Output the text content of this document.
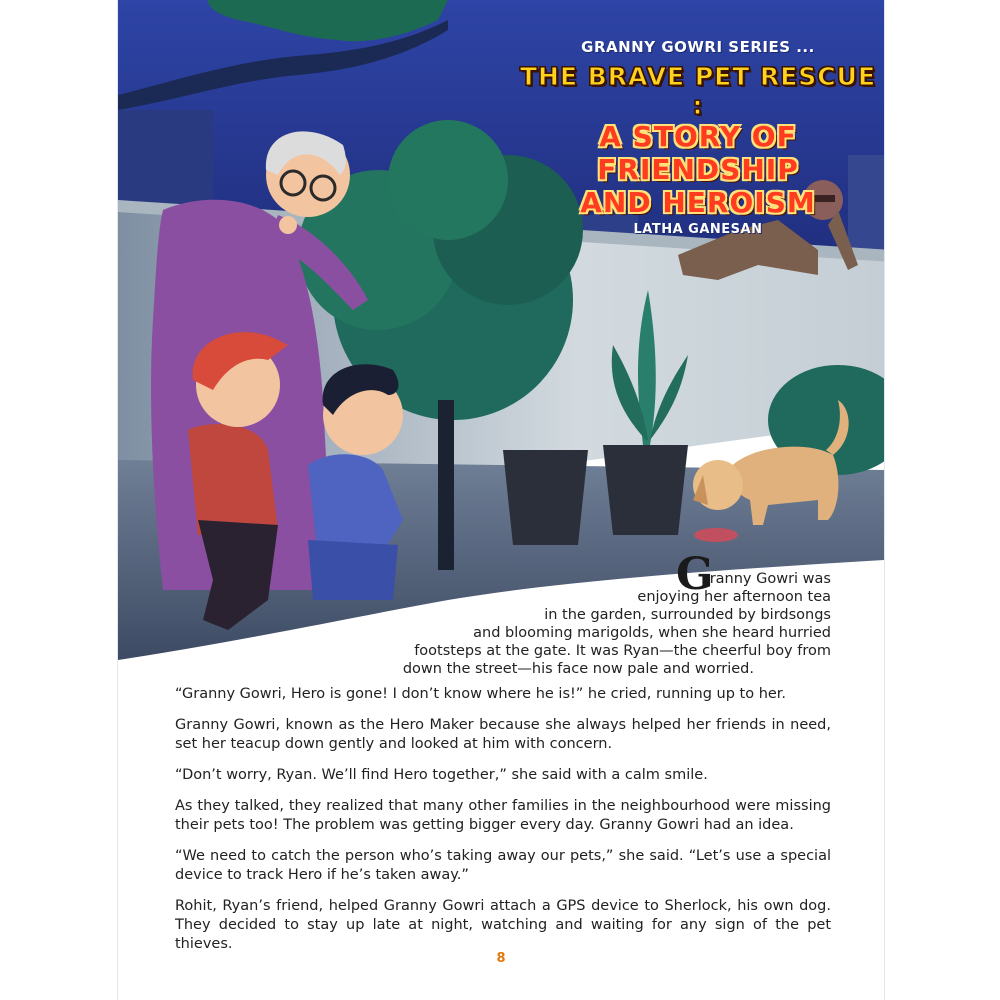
GRANNY GOWRI SERIES ...
THE BRAVE PET RESCUE :
A STORY OF FRIENDSHIP
AND HEROISM
LATHA GANESAN
G
ranny Gowri was
enjoying her afternoon tea
in the garden, surrounded by birdsongs
and blooming marigolds, when she heard hurried
footsteps at the gate. It was Ryan—the cheerful boy from
down the street—his face now pale and worried.

“Granny Gowri, Hero is gone! I don’t know where he is!” he cried, running up to her.

Granny Gowri, known as the Hero Maker because she always helped her friends in need, set her teacup down gently and looked at him with concern.

“Don’t worry, Ryan. We’ll find Hero together,” she said with a calm smile.

As they talked, they realized that many other families in the neighbourhood were missing their pets too! The problem was getting bigger every day. Granny Gowri had an idea.

“We need to catch the person who’s taking away our pets,” she said. “Let’s use a special device to track Hero if he’s taken away.”

Rohit, Ryan’s friend, helped Granny Gowri attach a GPS device to Sherlock, his own dog. They decided to stay up late at night, watching and waiting for any sign of the pet thieves.

8
